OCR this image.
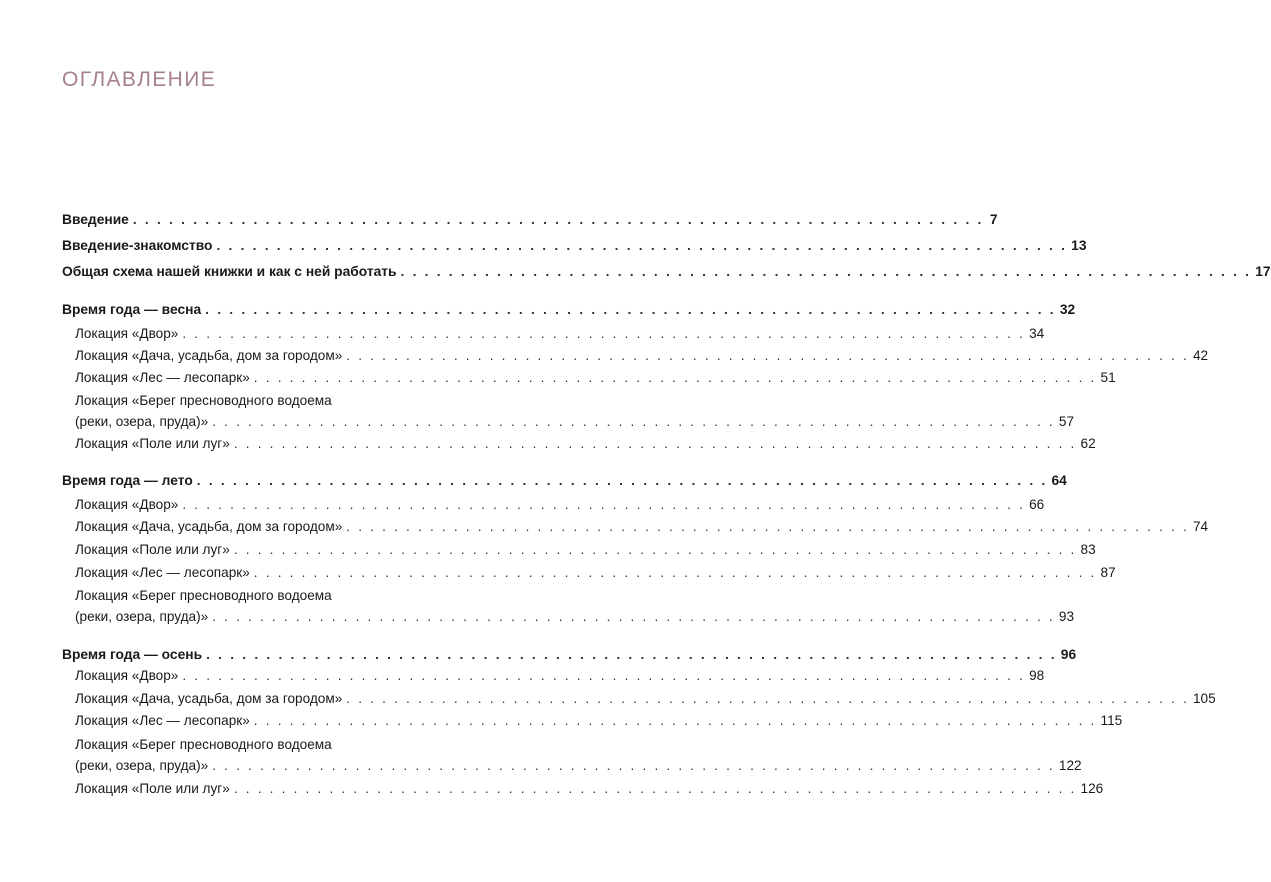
ОГЛАВЛЕНИЕ
Введение . . . . . . . . . . . . . . . . . . . . . . . . . . . . . . . . . . . . . . . . . . . . . . . . . . . . . . . . . . . . . . . . . . . . . . . 7
Введение-знакомство . . . . . . . . . . . . . . . . . . . . . . . . . . . . . . . . . . . . . . . . . . . . . . . . . . . . . . . . . . . . . . . . . . . . . . . 13
Общая схема нашей книжки и как с ней работать . . . . . . . . . . . . . . . . . . . . . . . . . . . . . . . . . . . . . . . . . . . . . . . . . . . . . . . . . . . . . . . . . . . . . . . 17
Время года — весна . . . . . . . . . . . . . . . . . . . . . . . . . . . . . . . . . . . . . . . . . . . . . . . . . . . . . . . . . . . . . . . . . . . . . . . 32
Локация «Двор» . . . . . . . . . . . . . . . . . . . . . . . . . . . . . . . . . . . . . . . . . . . . . . . . . . . . . . . . . . . . . . . . . . . . . . . 34
Локация «Дача, усадьба, дом за городом» . . . . . . . . . . . . . . . . . . . . . . . . . . . . . . . . . . . . . . . . . . . . . . . . . . . . . . . . . . . . . . . . . . . . . . . 42
Локация «Лес — лесопарк» . . . . . . . . . . . . . . . . . . . . . . . . . . . . . . . . . . . . . . . . . . . . . . . . . . . . . . . . . . . . . . . . . . . . . . . 51
Локация «Берег пресноводного водоема
(реки, озера, пруда)» . . . . . . . . . . . . . . . . . . . . . . . . . . . . . . . . . . . . . . . . . . . . . . . . . . . . . . . . . . . . . . . . . . . . . . . 57
Локация «Поле или луг» . . . . . . . . . . . . . . . . . . . . . . . . . . . . . . . . . . . . . . . . . . . . . . . . . . . . . . . . . . . . . . . . . . . . . . . 62
Время года — лето . . . . . . . . . . . . . . . . . . . . . . . . . . . . . . . . . . . . . . . . . . . . . . . . . . . . . . . . . . . . . . . . . . . . . . . 64
Локация «Двор» . . . . . . . . . . . . . . . . . . . . . . . . . . . . . . . . . . . . . . . . . . . . . . . . . . . . . . . . . . . . . . . . . . . . . . . 66
Локация «Дача, усадьба, дом за городом» . . . . . . . . . . . . . . . . . . . . . . . . . . . . . . . . . . . . . . . . . . . . . . . . . . . . . . . . . . . . . . . . . . . . . . . 74
Локация «Поле или луг» . . . . . . . . . . . . . . . . . . . . . . . . . . . . . . . . . . . . . . . . . . . . . . . . . . . . . . . . . . . . . . . . . . . . . . . 83
Локация «Лес — лесопарк» . . . . . . . . . . . . . . . . . . . . . . . . . . . . . . . . . . . . . . . . . . . . . . . . . . . . . . . . . . . . . . . . . . . . . . . 87
Локация «Берег пресноводного водоема
(реки, озера, пруда)» . . . . . . . . . . . . . . . . . . . . . . . . . . . . . . . . . . . . . . . . . . . . . . . . . . . . . . . . . . . . . . . . . . . . . . . 93
Время года — осень . . . . . . . . . . . . . . . . . . . . . . . . . . . . . . . . . . . . . . . . . . . . . . . . . . . . . . . . . . . . . . . . . . . . . . . 96
Локация «Двор» . . . . . . . . . . . . . . . . . . . . . . . . . . . . . . . . . . . . . . . . . . . . . . . . . . . . . . . . . . . . . . . . . . . . . . . 98
Локация «Дача, усадьба, дом за городом» . . . . . . . . . . . . . . . . . . . . . . . . . . . . . . . . . . . . . . . . . . . . . . . . . . . . . . . . . . . . . . . . . . . . . . . 105
Локация «Лес — лесопарк» . . . . . . . . . . . . . . . . . . . . . . . . . . . . . . . . . . . . . . . . . . . . . . . . . . . . . . . . . . . . . . . . . . . . . . . 115
Локация «Берег пресноводного водоема
(реки, озера, пруда)» . . . . . . . . . . . . . . . . . . . . . . . . . . . . . . . . . . . . . . . . . . . . . . . . . . . . . . . . . . . . . . . . . . . . . . . 122
Локация «Поле или луг» . . . . . . . . . . . . . . . . . . . . . . . . . . . . . . . . . . . . . . . . . . . . . . . . . . . . . . . . . . . . . . . . . . . . . . . 126
